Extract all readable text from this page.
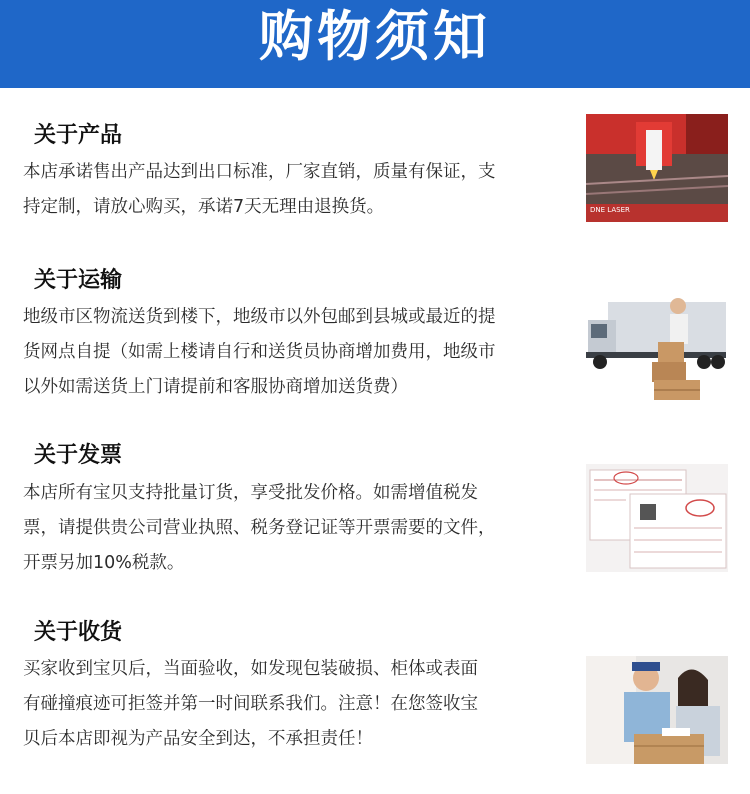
购物须知
关于产品
本店承诺售出产品达到出口标准，厂家直销，质量有保证，支
持定制，请放心购买，承诺7天无理由退换货。	DNE LASER
关于运输
地级市区物流送货到楼下，地级市以外包邮到县城或最近的提
货网点自提（如需上楼请自行和送货员协商增加费用，地级市
以外如需送货上门请提前和客服协商增加送货费）
关于发票
本店所有宝贝支持批量订货，享受批发价格。如需增值税发
票，请提供贵公司营业执照、税务登记证等开票需要的文件，
开票另加10%税款。
关于收货
买家收到宝贝后，当面验收，如发现包装破损、柜体或表面
有碰撞痕迹可拒签并第一时间联系我们。注意！在您签收宝
贝后本店即视为产品安全到达，不承担责任！
